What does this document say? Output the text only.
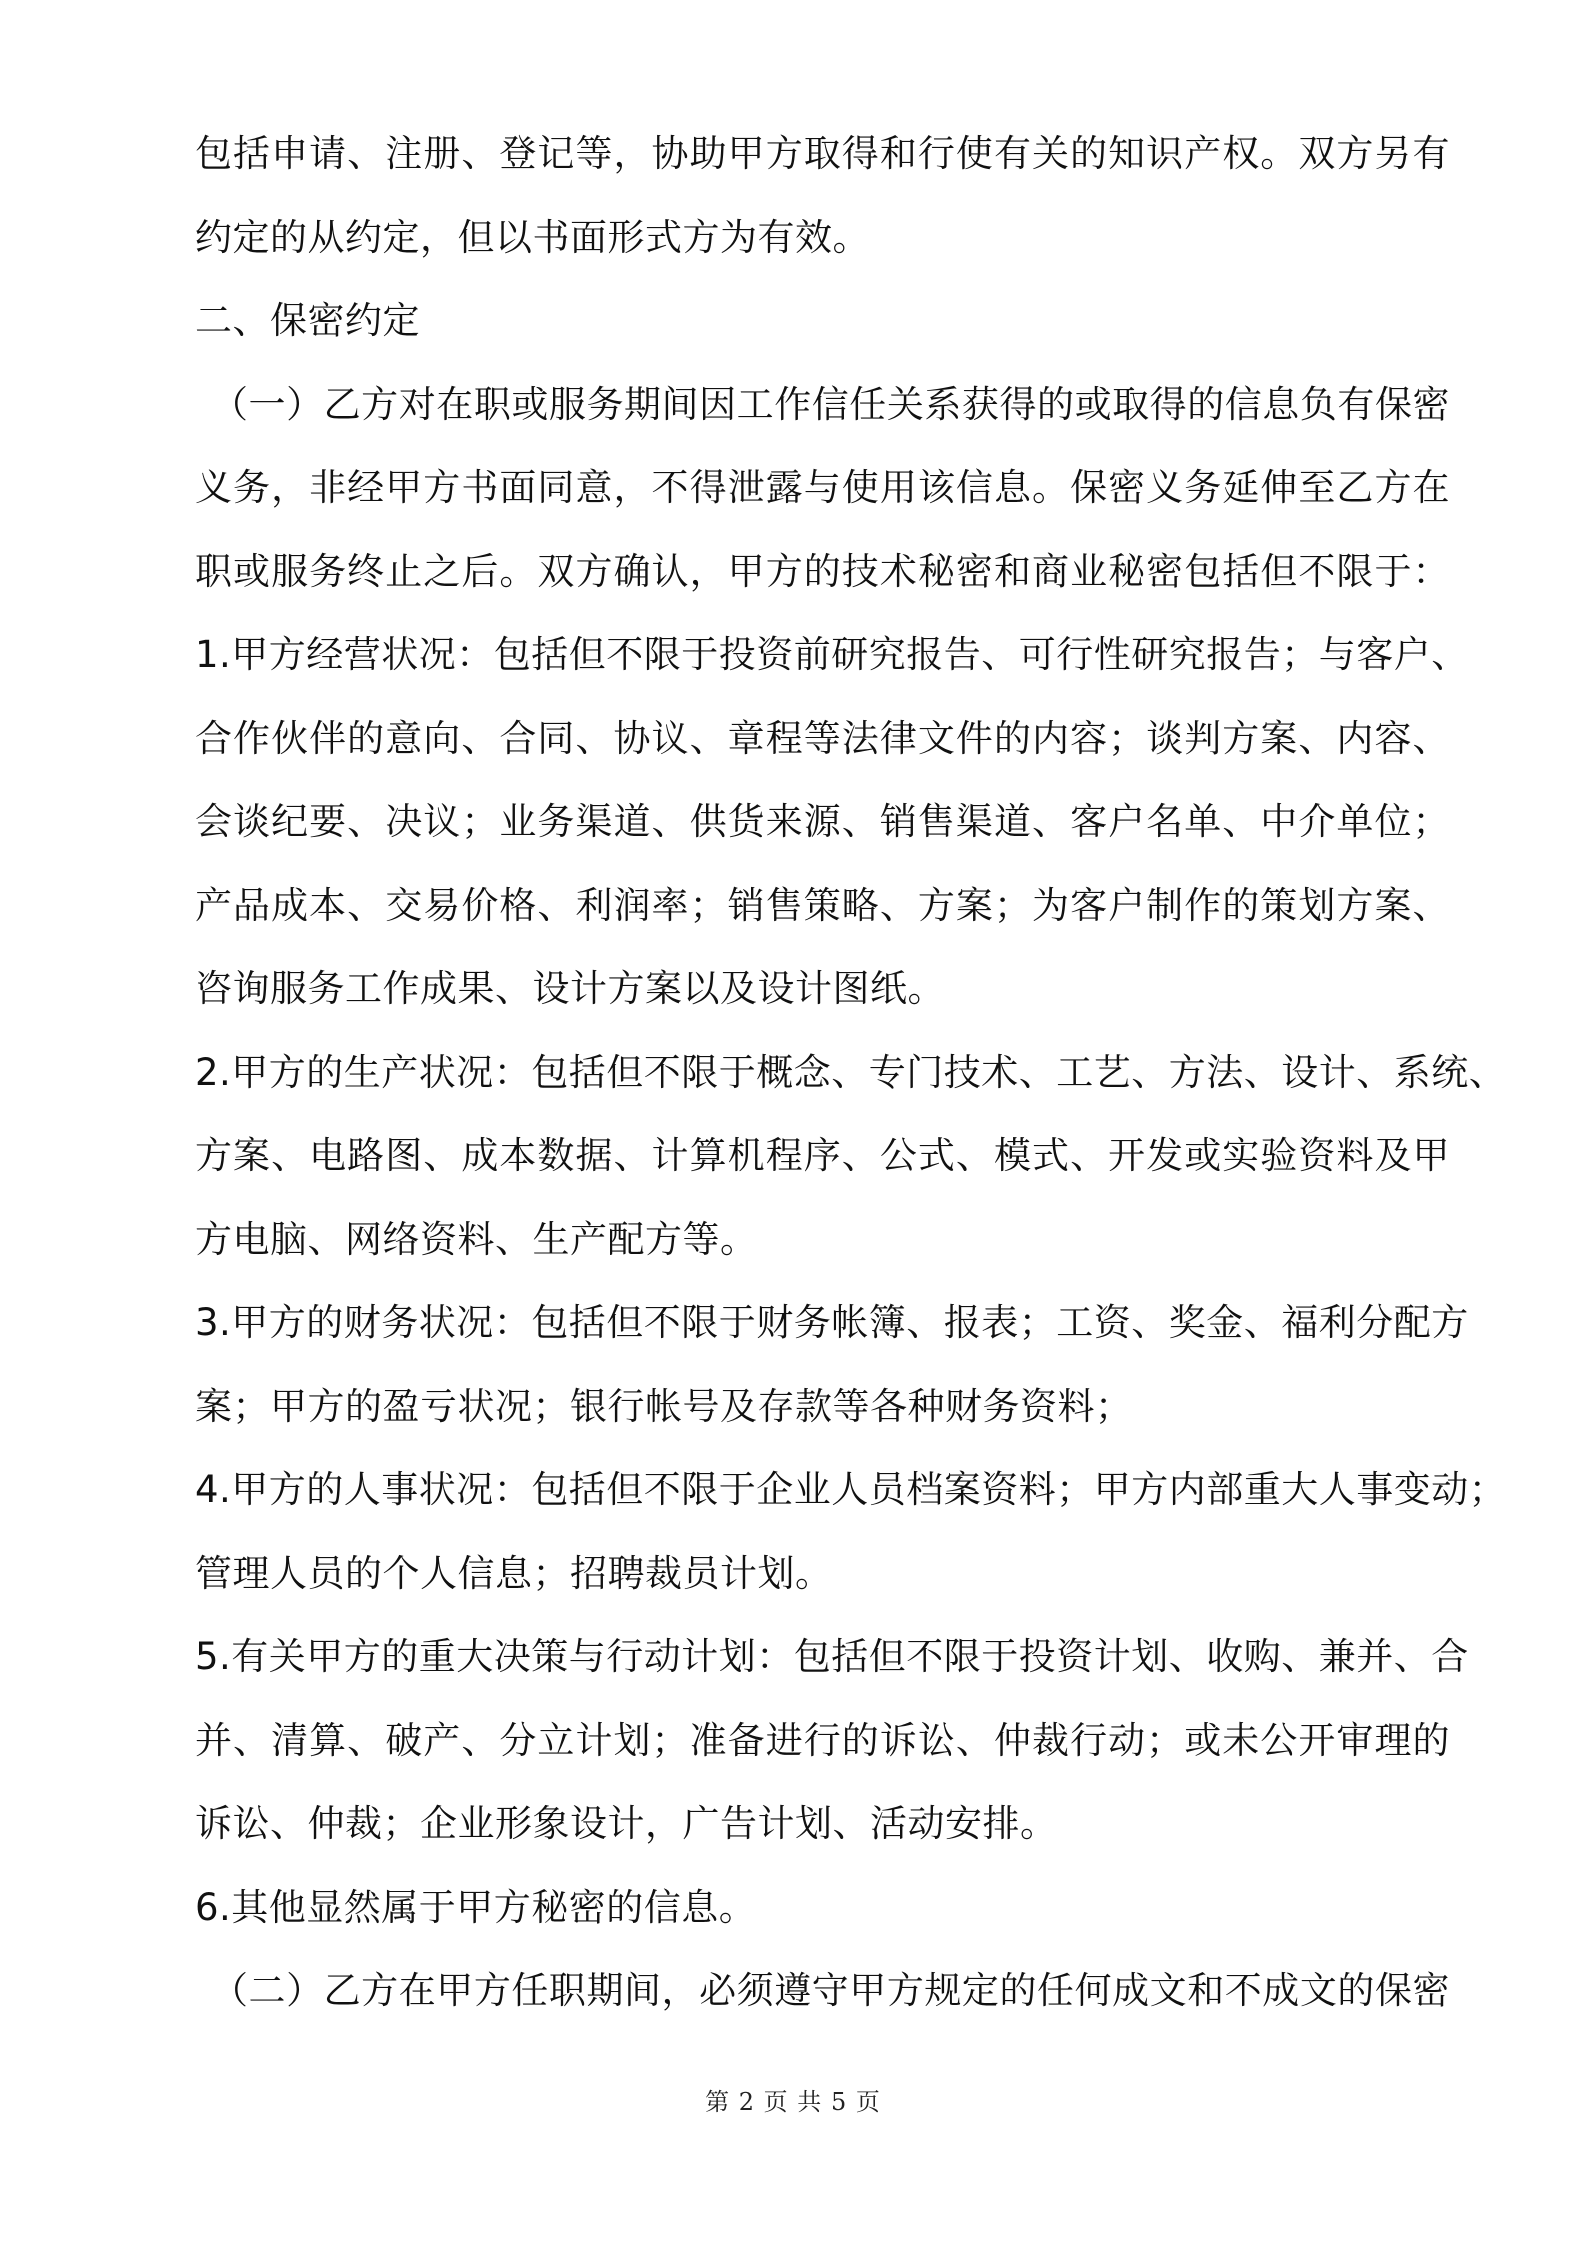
包括申请、注册、登记等，协助甲方取得和行使有关的知识产权。双方另有
约定的从约定，但以书面形式方为有效。
二、保密约定
（一）乙方对在职或服务期间因工作信任关系获得的或取得的信息负有保密
义务，非经甲方书面同意，不得泄露与使用该信息。保密义务延伸至乙方在
职或服务终止之后。双方确认，甲方的技术秘密和商业秘密包括但不限于：
1.甲方经营状况：包括但不限于投资前研究报告、可行性研究报告；与客户、
合作伙伴的意向、合同、协议、章程等法律文件的内容；谈判方案、内容、
会谈纪要、决议；业务渠道、供货来源、销售渠道、客户名单、中介单位；
产品成本、交易价格、利润率；销售策略、方案；为客户制作的策划方案、
咨询服务工作成果、设计方案以及设计图纸。
2.甲方的生产状况：包括但不限于概念、专门技术、工艺、方法、设计、系统、
方案、电路图、成本数据、计算机程序、公式、模式、开发或实验资料及甲
方电脑、网络资料、生产配方等。
3.甲方的财务状况：包括但不限于财务帐簿、报表；工资、奖金、福利分配方
案；甲方的盈亏状况；银行帐号及存款等各种财务资料；
4.甲方的人事状况：包括但不限于企业人员档案资料；甲方内部重大人事变动；
管理人员的个人信息；招聘裁员计划。
5.有关甲方的重大决策与行动计划：包括但不限于投资计划、收购、兼并、合
并、清算、破产、分立计划；准备进行的诉讼、仲裁行动；或未公开审理的
诉讼、仲裁；企业形象设计，广告计划、活动安排。
6.其他显然属于甲方秘密的信息。
（二）乙方在甲方任职期间，必须遵守甲方规定的任何成文和不成文的保密
第 2 页 共 5 页
